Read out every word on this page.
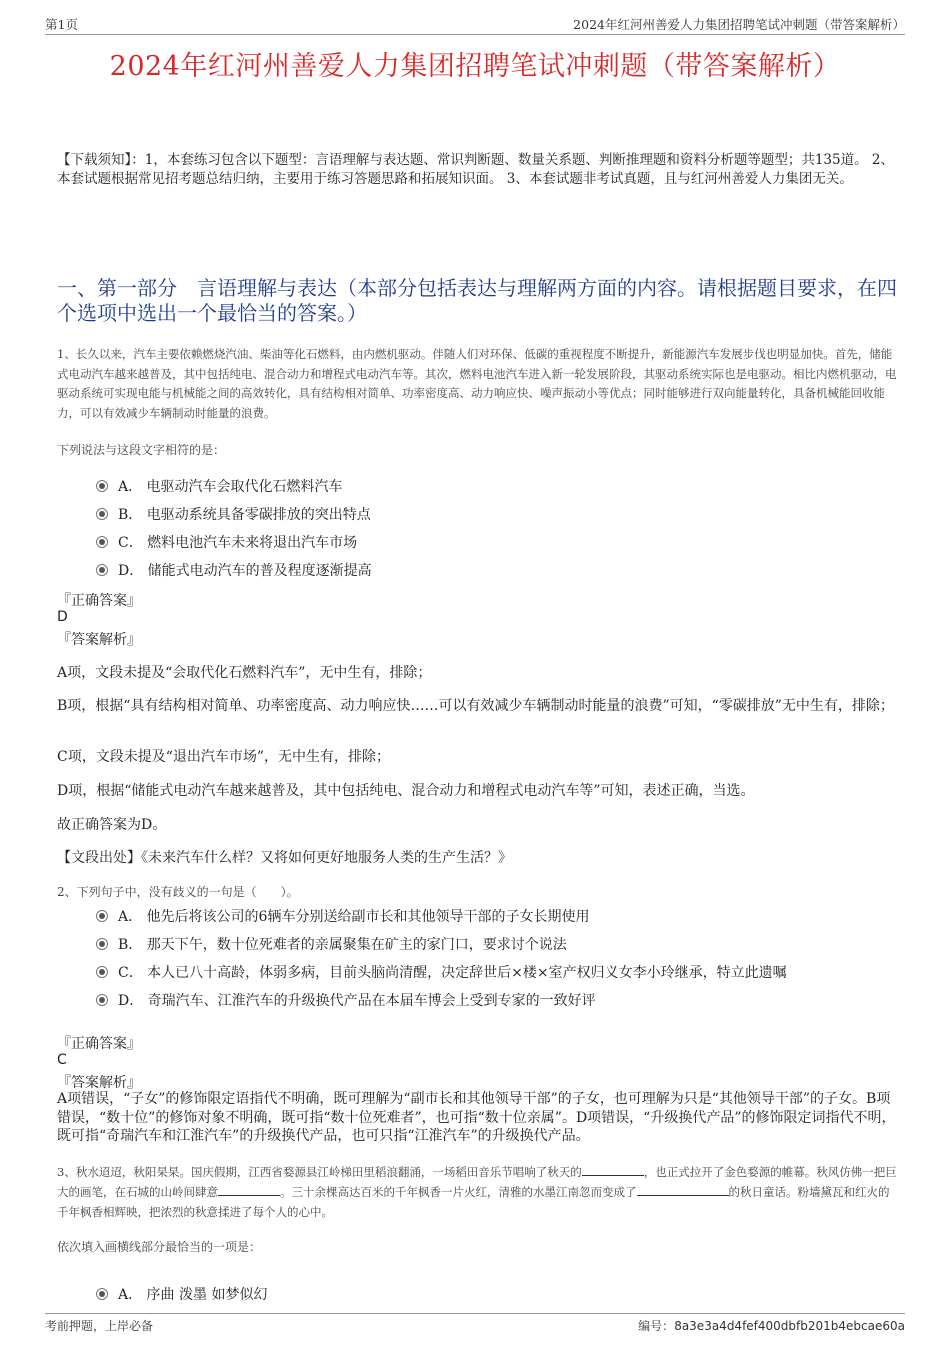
第1页	2024年红河州善爱人力集团招聘笔试冲刺题（带答案解析）
2024年红河州善爱人力集团招聘笔试冲刺题（带答案解析）
【下载须知】：1，本套练习包含以下题型：言语理解与表达题、常识判断题、数量关系题、判断推理题和资料分析题等题型；共135道。 2、本套试题根据常见招考题总结归纳，主要用于练习答题思路和拓展知识面。 3、本套试题非考试真题，且与红河州善爱人力集团无关。
一、第一部分　言语理解与表达（本部分包括表达与理解两方面的内容。请根据题目要求，在四个选项中选出一个最恰当的答案。）
1、长久以来，汽车主要依赖燃烧汽油、柴油等化石燃料，由内燃机驱动。伴随人们对环保、低碳的重视程度不断提升，新能源汽车发展步伐也明显加快。首先，储能式电动汽车越来越普及，其中包括纯电、混合动力和增程式电动汽车等。其次，燃料电池汽车进入新一轮发展阶段，其驱动系统实际也是电驱动。相比内燃机驱动，电驱动系统可实现电能与机械能之间的高效转化，具有结构相对简单、功率密度高、动力响应快、噪声振动小等优点；同时能够进行双向能量转化，具备机械能回收能力，可以有效减少车辆制动时能量的浪费。
下列说法与这段文字相符的是：
A． 电驱动汽车会取代化石燃料汽车
B． 电驱动系统具备零碳排放的突出特点
C． 燃料电池汽车未来将退出汽车市场
D． 储能式电动汽车的普及程度逐渐提高
『正确答案』
D
『答案解析』
A项，文段未提及“会取代化石燃料汽车”，无中生有，排除；
B项，根据“具有结构相对简单、功率密度高、动力响应快……可以有效减少车辆制动时能量的浪费”可知，“零碳排放”无中生有，排除；
C项，文段未提及“退出汽车市场”，无中生有，排除；
D项，根据“储能式电动汽车越来越普及，其中包括纯电、混合动力和增程式电动汽车等”可知，表述正确，当选。
故正确答案为D。
【文段出处】《未来汽车什么样？又将如何更好地服务人类的生产生活？》
2、下列句子中，没有歧义的一句是（　　）。
A． 他先后将该公司的6辆车分别送给副市长和其他领导干部的子女长期使用
B． 那天下午，数十位死难者的亲属聚集在矿主的家门口，要求讨个说法
C． 本人已八十高龄，体弱多病，目前头脑尚清醒，决定辞世后×楼×室产权归义女李小玲继承，特立此遗嘱
D． 奇瑞汽车、江淮汽车的升级换代产品在本届车博会上受到专家的一致好评
『正确答案』
C
『答案解析』
A项错误，“子女”的修饰限定语指代不明确，既可理解为“副市长和其他领导干部”的子女，也可理解为只是“其他领导干部”的子女。B项错误，“数十位”的修饰对象不明确，既可指“数十位死难者”，也可指“数十位亲属”。D项错误，“升级换代产品”的修饰限定词指代不明，既可指“奇瑞汽车和江淮汽车”的升级换代产品，也可只指“江淮汽车”的升级换代产品。
3、秋水迢迢，秋阳杲杲。国庆假期，江西省婺源县江岭梯田里稻浪翻涌，一场稻田音乐节唱响了秋天的	，也正式拉开了金色婺源的帷幕。秋风仿佛一把巨大的画笔，在石城的山岭间肆意	。三十余棵高达百米的千年枫香一片火红，清雅的水墨江南忽而变成了	的秋日童话。粉墙黛瓦和红火的千年枫香相辉映，把浓烈的秋意揉进了每个人的心中。
依次填入画横线部分最恰当的一项是：
A． 序曲 泼墨 如梦似幻
考前押题，上岸必备	编号：8a3e3a4d4fef400dbfb201b4ebcae60a
